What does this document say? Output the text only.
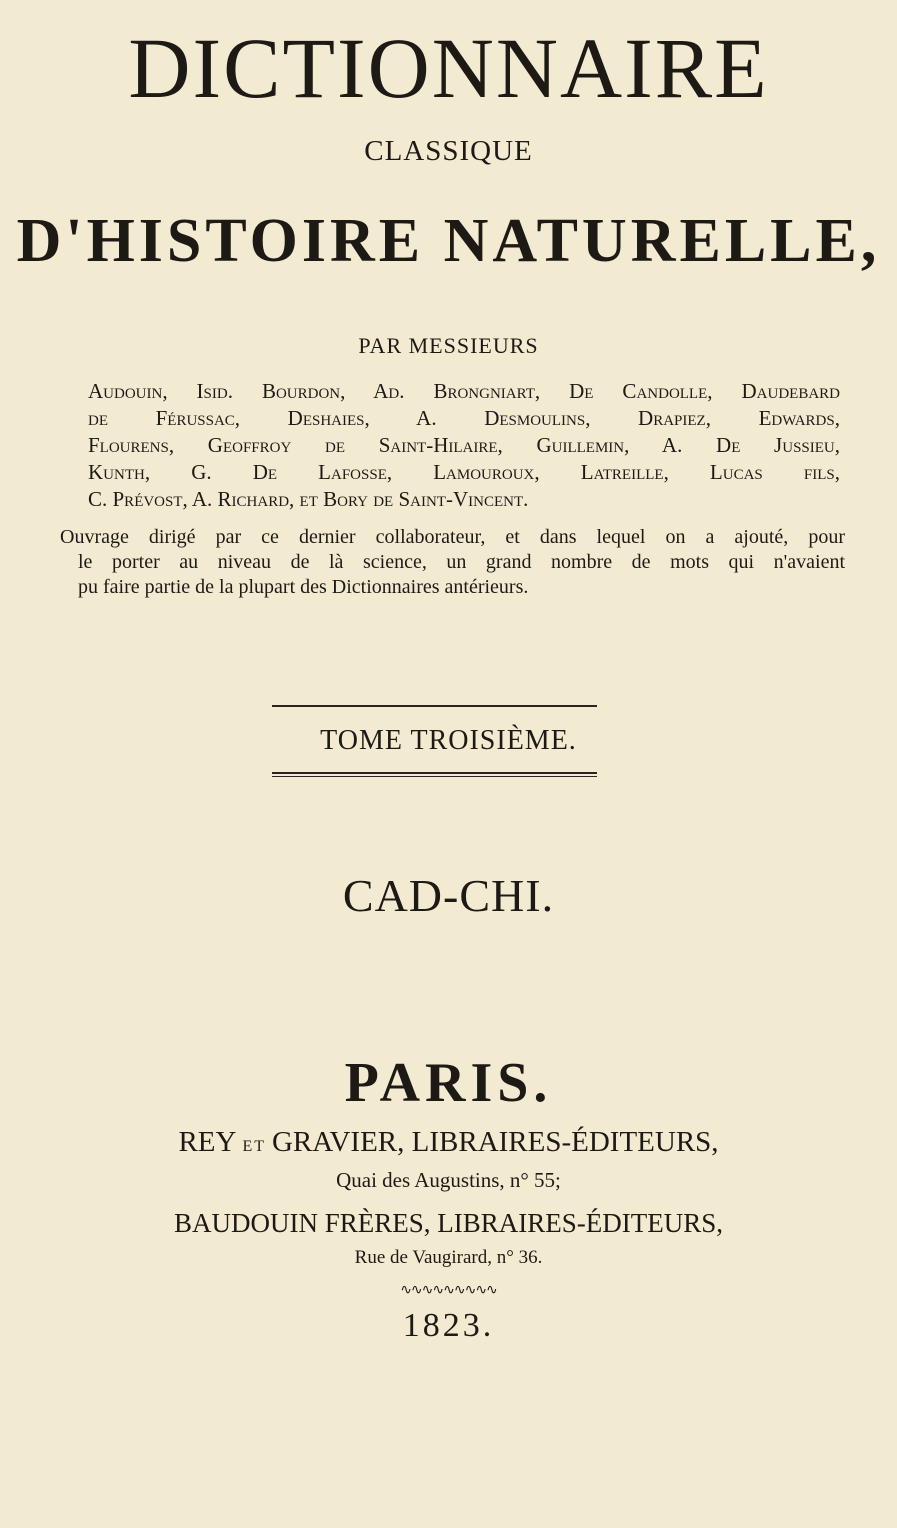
DICTIONNAIRE
CLASSIQUE
D'HISTOIRE NATURELLE,
PAR MESSIEURS
Audouin, Isid. Bourdon, Ad. Brongniart, De Candolle, Daudebard
de Férussac, Deshaies, A. Desmoulins, Drapiez, Edwards,
Flourens, Geoffroy de Saint-Hilaire, Guillemin, A. De Jussieu,
Kunth, G. De Lafosse, Lamouroux, Latreille, Lucas fils,
C. Prévost, A. Richard, et Bory de Saint-Vincent.
Ouvrage dirigé par ce dernier collaborateur, et dans lequel on a ajouté, pour
le porter au niveau de là science, un grand nombre de mots qui n'avaient
pu faire partie de la plupart des Dictionnaires antérieurs.
TOME TROISIÈME.
CAD-CHI.
PARIS.
REY ET GRAVIER, LIBRAIRES-ÉDITEURS,
Quai des Augustins, n° 55;
BAUDOUIN FRÈRES, LIBRAIRES-ÉDITEURS,
Rue de Vaugirard, n° 36.
∿∿∿∿∿∿∿∿∿
1823.
